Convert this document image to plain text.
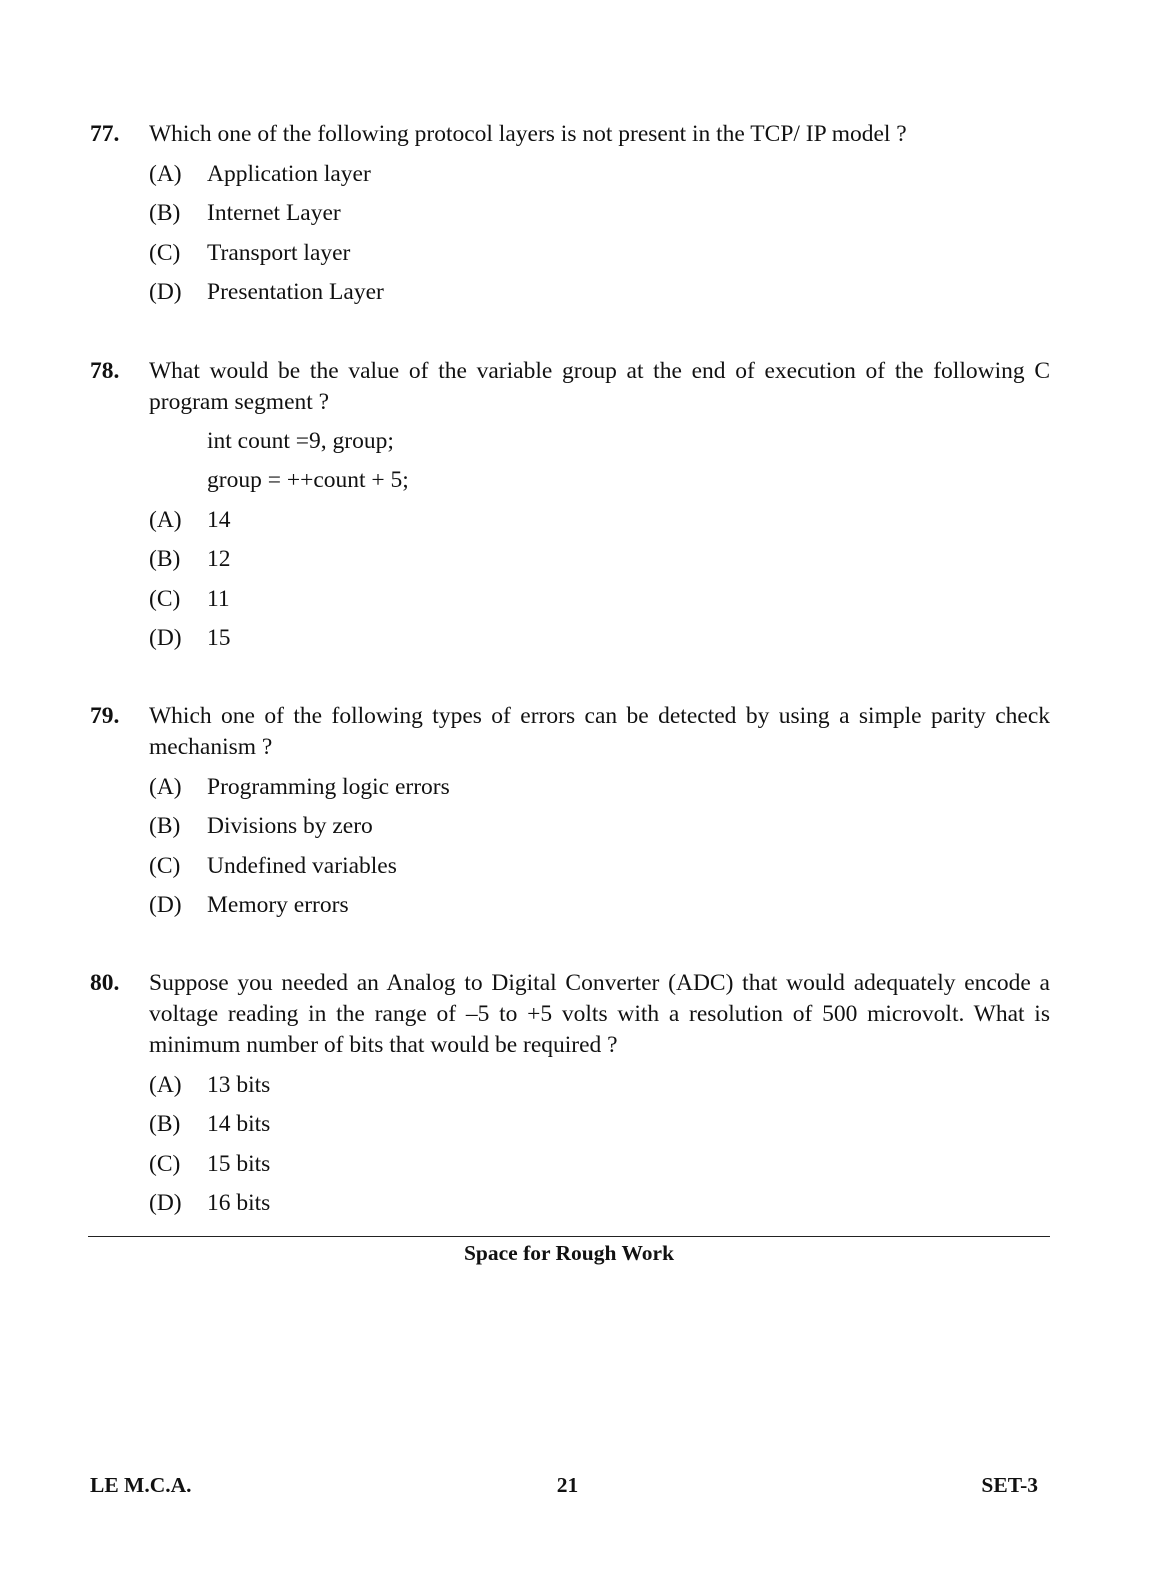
77. Which one of the following protocol layers is not present in the TCP/ IP model ?
(A) Application layer
(B) Internet Layer
(C) Transport layer
(D) Presentation Layer
78. What would be the value of the variable group at the end of execution of the following C program segment ?
int count =9, group;
group = ++count + 5;
(A) 14
(B) 12
(C) 11
(D) 15
79. Which one of the following types of errors can be detected by using a simple parity check mechanism ?
(A) Programming logic errors
(B) Divisions by zero
(C) Undefined variables
(D) Memory errors
80. Suppose you needed an Analog to Digital Converter (ADC) that would adequately encode a voltage reading in the range of –5 to +5 volts with a resolution of 500 microvolt. What is minimum number of bits that would be required ?
(A) 13 bits
(B) 14 bits
(C) 15 bits
(D) 16 bits
Space for Rough Work
LE M.C.A.	21	SET-3
